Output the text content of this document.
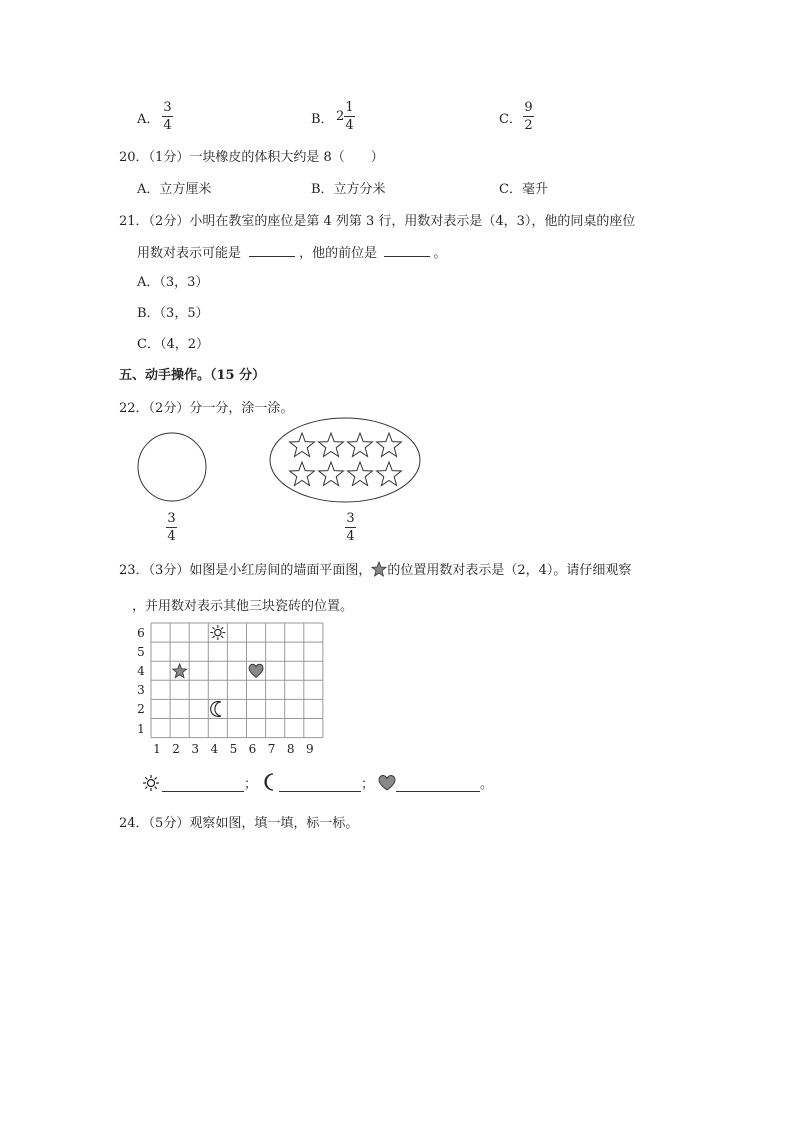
A．
3
4	B． 2
1
4	C．
9
2
20．（1分）一块橡皮的体积大约是 8（　　）
A．立方厘米	B．立方分米	C．毫升
21．（2分）小明在教室的座位是第 4 列第 3 行，用数对表示是（4，3），他的同桌的座位
用数对表示可能是	，他的前位是	。
A．（3，3）
B．（3，5）
C．（4，2）
五、动手操作。（15 分）
22．（2分）分一分，涂一涂。
3
4
3
4
23．（3分）如图是小红房间的墙面平面图， 的位置用数对表示是（2，4）。请仔细观察
，并用数对表示其他三块瓷砖的位置。
6
5
4
3
2
1
1 2 3 4 5 6 7 8 9
；	；	。
24．（5分）观察如图，填一填，标一标。
